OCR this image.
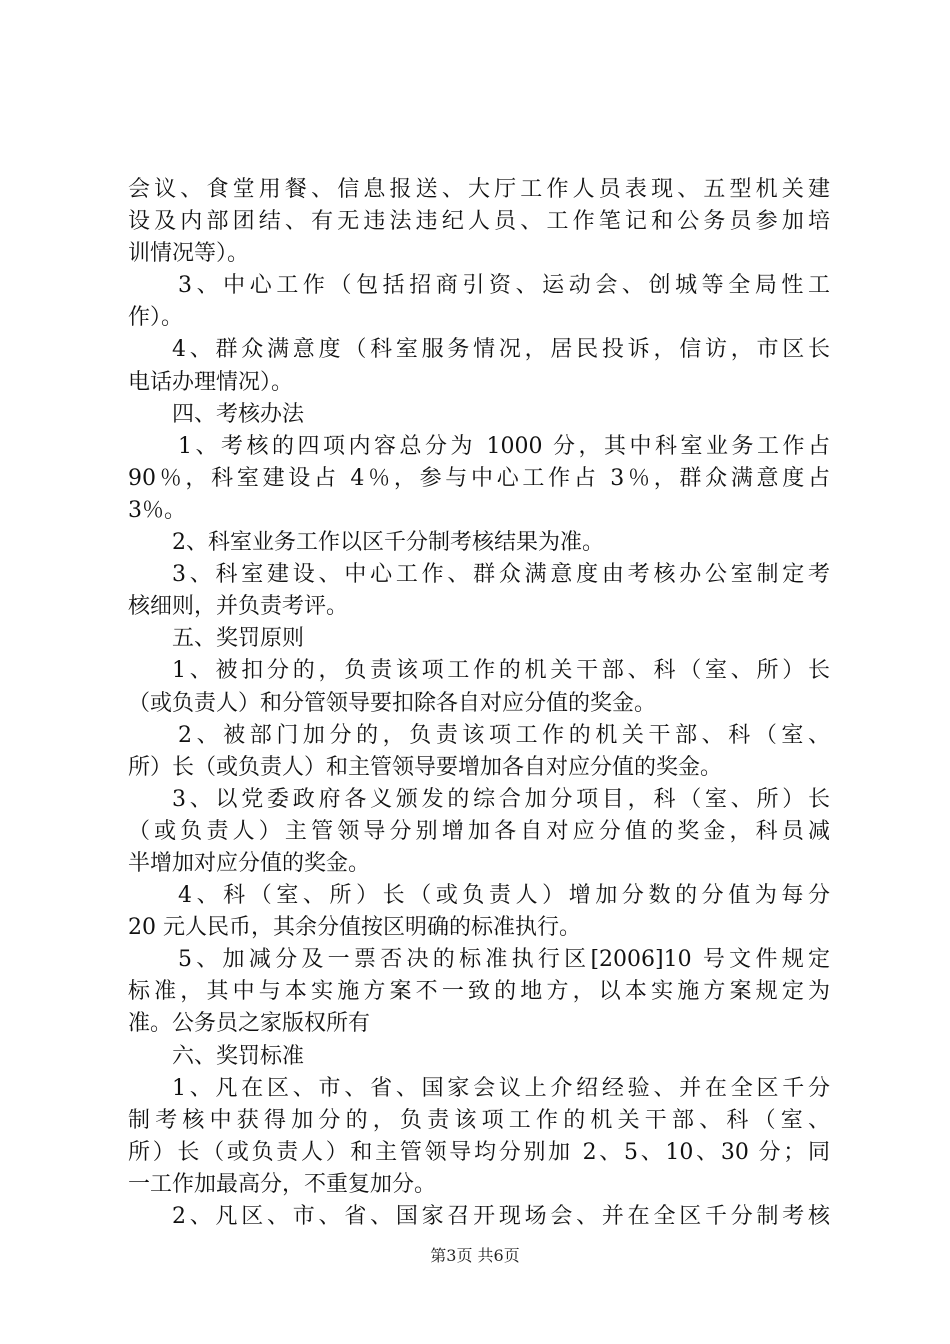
会议、食堂用餐、信息报送、大厅工作人员表现、五型机关建
设及内部团结、有无违法违纪人员、工作笔记和公务员参加培
训情况等）。
3、中心工作（包括招商引资、运动会、创城等全局性工
作）。
4、群众满意度（科室服务情况，居民投诉，信访，市区长
电话办理情况）。
四、考核办法
1、考核的四项内容总分为 1000 分，其中科室业务工作占
90％，科室建设占 4％，参与中心工作占 3％，群众满意度占
3％。
2、科室业务工作以区千分制考核结果为准。
3、科室建设、中心工作、群众满意度由考核办公室制定考
核细则，并负责考评。
五、奖罚原则
1、被扣分的，负责该项工作的机关干部、科（室、所）长
（或负责人）和分管领导要扣除各自对应分值的奖金。
2、被部门加分的，负责该项工作的机关干部、科（室、
所）长（或负责人）和主管领导要增加各自对应分值的奖金。
3、以党委政府各义颁发的综合加分项目，科（室、所）长
（或负责人）主管领导分别增加各自对应分值的奖金，科员减
半增加对应分值的奖金。
4、科（室、所）长（或负责人）增加分数的分值为每分
20 元人民币，其余分值按区明确的标准执行。
5、加减分及一票否决的标准执行区[2006]10 号文件规定
标准，其中与本实施方案不一致的地方，以本实施方案规定为
准。公务员之家版权所有
六、奖罚标准
1、凡在区、市、省、国家会议上介绍经验、并在全区千分
制考核中获得加分的，负责该项工作的机关干部、科（室、
所）长（或负责人）和主管领导均分别加 2、5、10、30 分；同
一工作加最高分，不重复加分。
2、凡区、市、省、国家召开现场会、并在全区千分制考核
第3页 共6页
